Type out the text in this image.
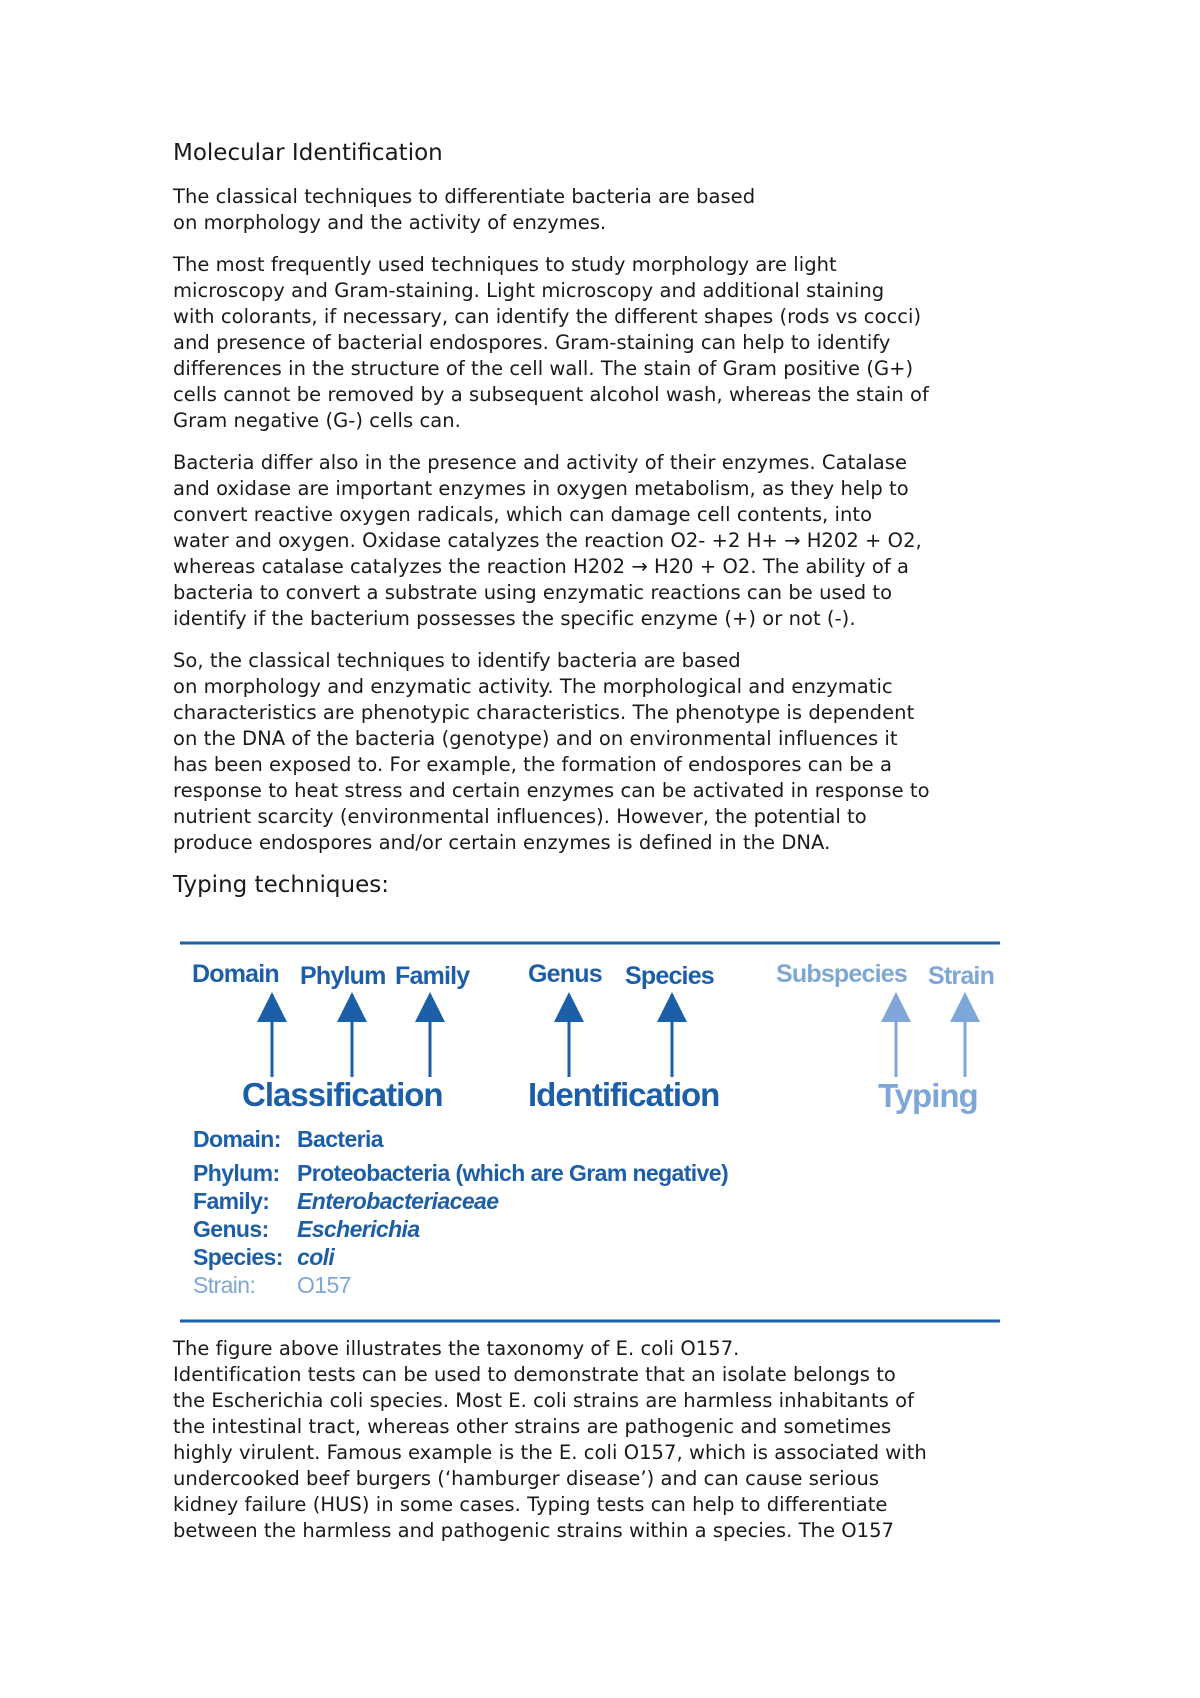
Molecular Identification

The classical techniques to differentiate bacteria are based
on morphology and the activity of enzymes.

The most frequently used techniques to study morphology are light
microscopy and Gram-staining. Light microscopy and additional staining
with colorants, if necessary, can identify the different shapes (rods vs cocci)
and presence of bacterial endospores. Gram-staining can help to identify
differences in the structure of the cell wall. The stain of Gram positive (G+)
cells cannot be removed by a subsequent alcohol wash, whereas the stain of
Gram negative (G-) cells can.

Bacteria differ also in the presence and activity of their enzymes. Catalase
and oxidase are important enzymes in oxygen metabolism, as they help to
convert reactive oxygen radicals, which can damage cell contents, into
water and oxygen. Oxidase catalyzes the reaction O2- +2 H+ → H202 + O2,
whereas catalase catalyzes the reaction H202 → H20 + O2. The ability of a
bacteria to convert a substrate using enzymatic reactions can be used to
identify if the bacterium possesses the specific enzyme (+) or not (-).

So, the classical techniques to identify bacteria are based
on morphology and enzymatic activity. The morphological and enzymatic
characteristics are phenotypic characteristics. The phenotype is dependent
on the DNA of the bacteria (genotype) and on environmental influences it
has been exposed to. For example, the formation of endospores can be a
response to heat stress and certain enzymes can be activated in response to
nutrient scarcity (environmental influences). However, the potential to
produce endospores and/or certain enzymes is defined in the DNA.

Typing techniques:
Domain Phylum Family Genus Species Subspecies Strain
Classification	Identification	Typing
Domain: Bacteria
Phylum: Proteobacteria (which are Gram negative)
Family: Enterobacteriaceae
Genus: Escherichia
Species: coli
Strain: O157

The figure above illustrates the taxonomy of E. coli O157.
Identification tests can be used to demonstrate that an isolate belongs to
the Escherichia coli species. Most E. coli strains are harmless inhabitants of
the intestinal tract, whereas other strains are pathogenic and sometimes
highly virulent. Famous example is the E. coli O157, which is associated with
undercooked beef burgers (‘hamburger disease’) and can cause serious
kidney failure (HUS) in some cases. Typing tests can help to differentiate
between the harmless and pathogenic strains within a species. The O157
